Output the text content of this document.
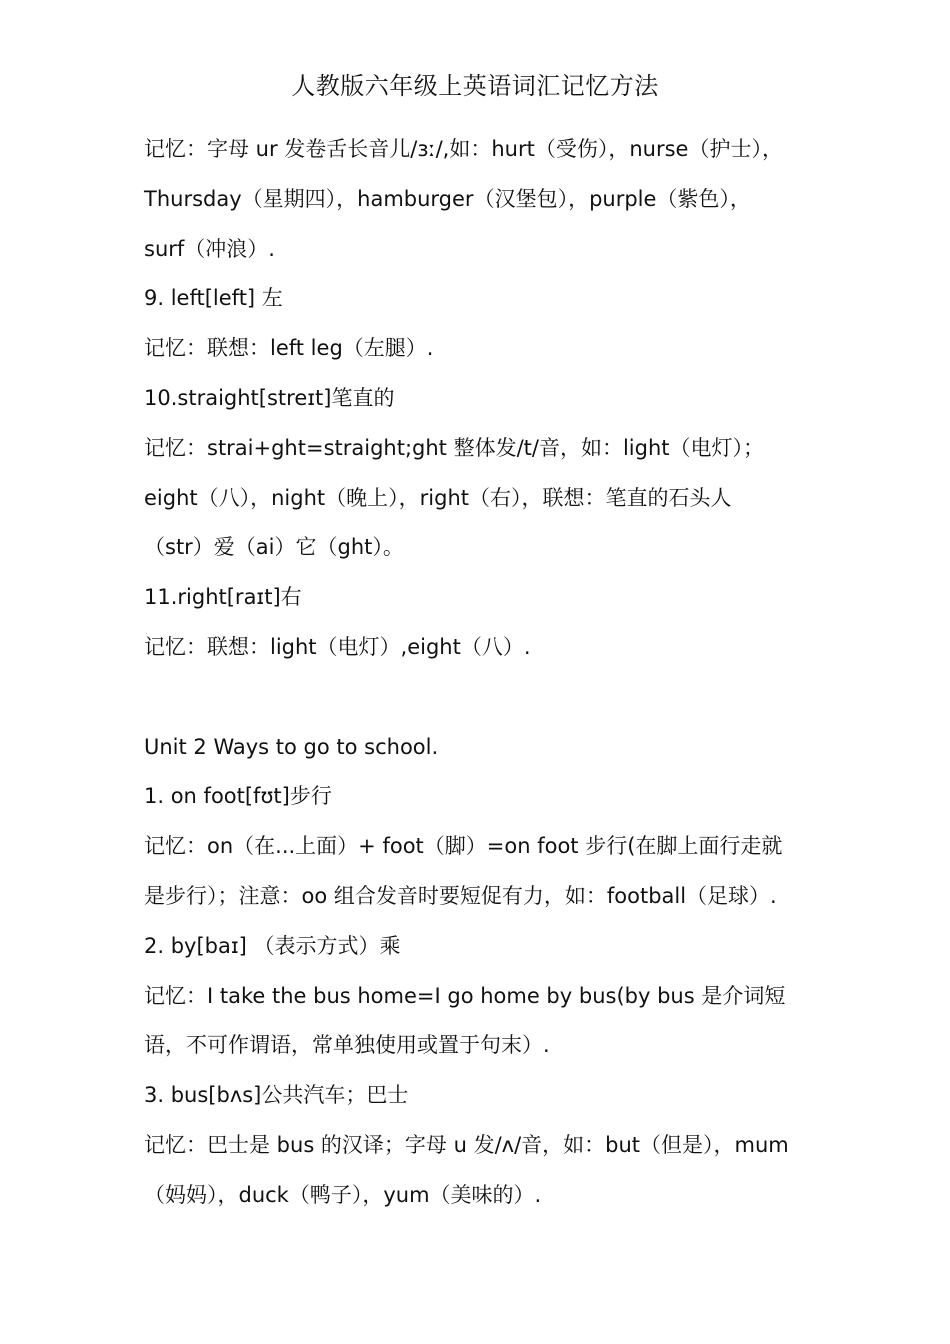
人教版六年级上英语词汇记忆方法
记忆：字母 ur 发卷舌长音儿/ɜː/,如：hurt（受伤），nurse（护士），
Thursday（星期四），hamburger（汉堡包），purple（紫色），
surf（冲浪）.
9. left[left] 左
记忆：联想：left leg（左腿）.
10.straight[streɪt]笔直的
记忆：strai+ght=straight;ght 整体发/t/音，如：light（电灯）；
eight（八），night（晚上），right（右），联想：笔直的石头人
（str）爱（ai）它（ght）。
11.right[raɪt]右
记忆：联想：light（电灯）,eight（八）.
Unit 2 Ways to go to school.
1. on foot[fʊt]步行
记忆：on（在...上面）+ foot（脚）=on foot 步行(在脚上面行走就
是步行）；注意：oo 组合发音时要短促有力，如：football（足球）.
2. by[baɪ] （表示方式）乘
记忆：I take the bus home=I go home by bus(by bus 是介词短
语，不可作谓语，常单独使用或置于句末）.
3. bus[bʌs]公共汽车；巴士
记忆：巴士是 bus 的汉译；字母 u 发/ʌ/音，如：but（但是），mum
（妈妈），duck（鸭子），yum（美味的）.
